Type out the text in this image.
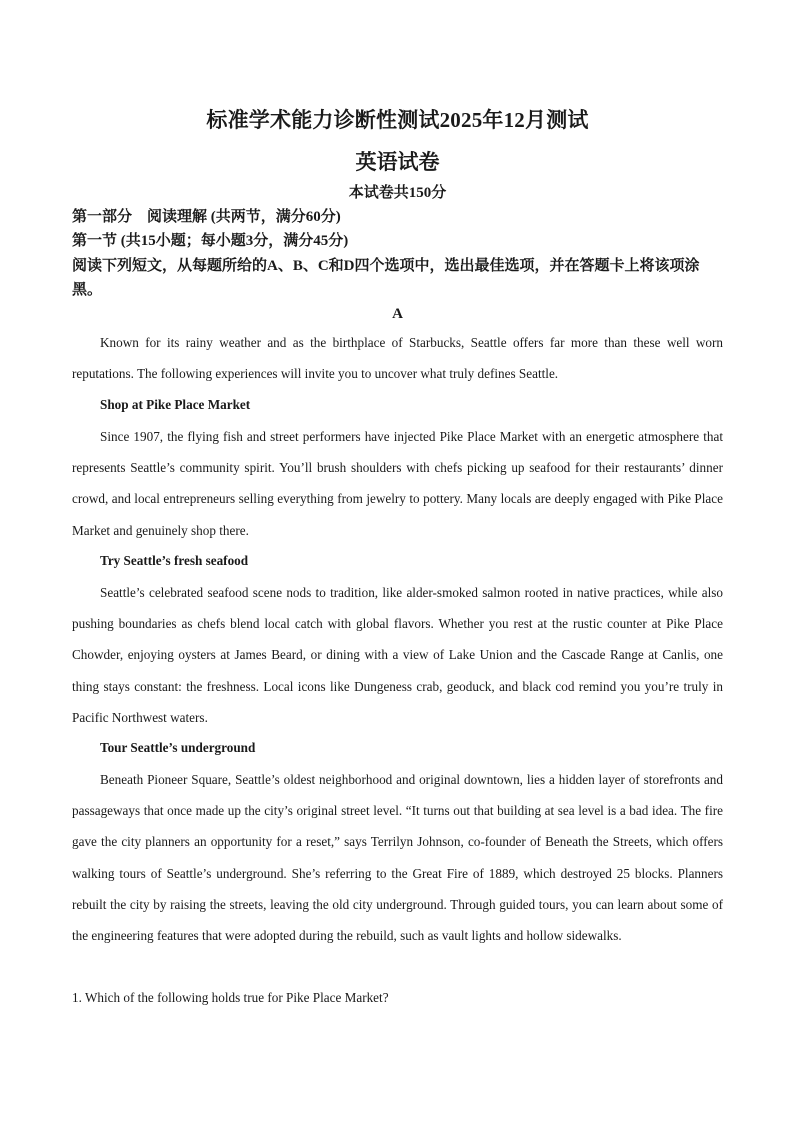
标准学术能力诊断性测试2025年12月测试
英语试卷
本试卷共150分
第一部分　阅读理解 (共两节，满分60分)
第一节 (共15小题；每小题3分，满分45分)
阅读下列短文，从每题所给的A、B、C和D四个选项中，选出最佳选项，并在答题卡上将该项涂黑。
A
Known for its rainy weather and as the birthplace of Starbucks, Seattle offers far more than these well worn reputations. The following experiences will invite you to uncover what truly defines Seattle.
Shop at Pike Place Market
Since 1907, the flying fish and street performers have injected Pike Place Market with an energetic atmosphere that represents Seattle’s community spirit. You’ll brush shoulders with chefs picking up seafood for their restaurants’ dinner crowd, and local entrepreneurs selling everything from jewelry to pottery. Many locals are deeply engaged with Pike Place Market and genuinely shop there.
Try Seattle’s fresh seafood
Seattle’s celebrated seafood scene nods to tradition, like alder-smoked salmon rooted in native practices, while also pushing boundaries as chefs blend local catch with global flavors. Whether you rest at the rustic counter at Pike Place Chowder, enjoying oysters at James Beard, or dining with a view of Lake Union and the Cascade Range at Canlis, one thing stays constant: the freshness. Local icons like Dungeness crab, geoduck, and black cod remind you you’re truly in Pacific Northwest waters.
Tour Seattle’s underground
Beneath Pioneer Square, Seattle’s oldest neighborhood and original downtown, lies a hidden layer of storefronts and passageways that once made up the city’s original street level. “It turns out that building at sea level is a bad idea. The fire gave the city planners an opportunity for a reset,” says Terrilyn Johnson, co-founder of Beneath the Streets, which offers walking tours of Seattle’s underground. She’s referring to the Great Fire of 1889, which destroyed 25 blocks. Planners rebuilt the city by raising the streets, leaving the old city underground. Through guided tours, you can learn about some of the engineering features that were adopted during the rebuild, such as vault lights and hollow sidewalks.
1. Which of the following holds true for Pike Place Market?
